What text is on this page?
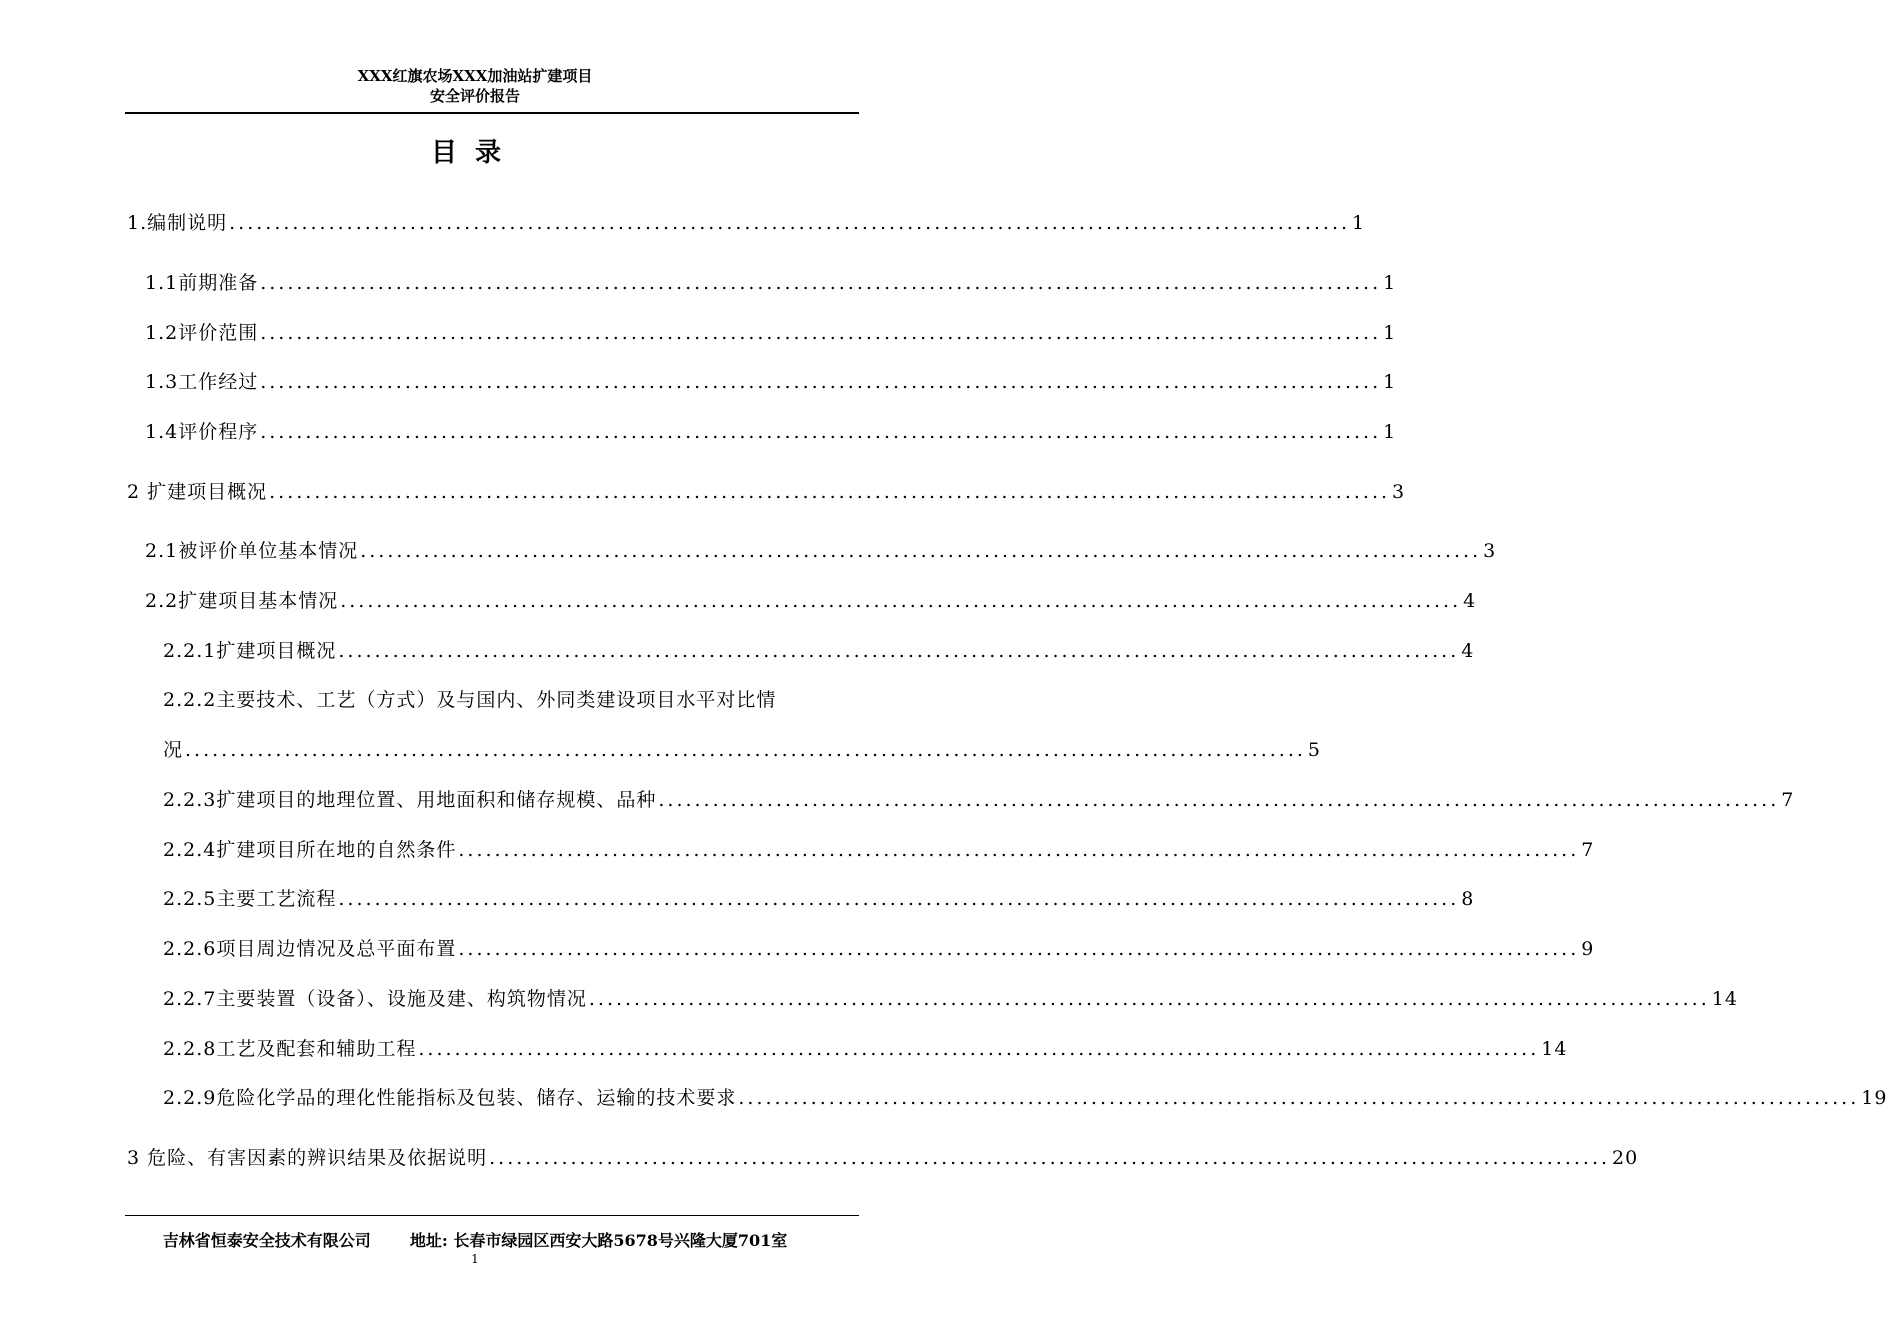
XXX红旗农场XXX加油站扩建项目
安全评价报告
目录
1.编制说明 ............................................................................................................................ 1
1.1前期准备 ............................................................................................................................ 1
1.2评价范围 ............................................................................................................................ 1
1.3工作经过 ............................................................................................................................ 1
1.4评价程序 ............................................................................................................................ 1
2 扩建项目概况 ............................................................................................................................ 3
2.1被评价单位基本情况 ............................................................................................................................ 3
2.2扩建项目基本情况 ............................................................................................................................ 4
2.2.1扩建项目概况 ............................................................................................................................ 4
2.2.2主要技术、工艺（方式）及与国内、外同类建设项目水平对比情
况 ............................................................................................................................ 5
2.2.3扩建项目的地理位置、用地面积和储存规模、品种 ............................................................................................................................ 7
2.2.4扩建项目所在地的自然条件 ............................................................................................................................ 7
2.2.5主要工艺流程 ............................................................................................................................ 8
2.2.6项目周边情况及总平面布置 ............................................................................................................................ 9
2.2.7主要装置（设备）、设施及建、构筑物情况 ............................................................................................................................ 14
2.2.8工艺及配套和辅助工程 ............................................................................................................................ 14
2.2.9危险化学品的理化性能指标及包装、储存、运输的技术要求 ............................................................................................................................ 19
3 危险、有害因素的辨识结果及依据说明 ............................................................................................................................ 20
吉林省恒泰安全技术有限公司 地址: 长春市绿园区西安大路5678号兴隆大厦701室
1
